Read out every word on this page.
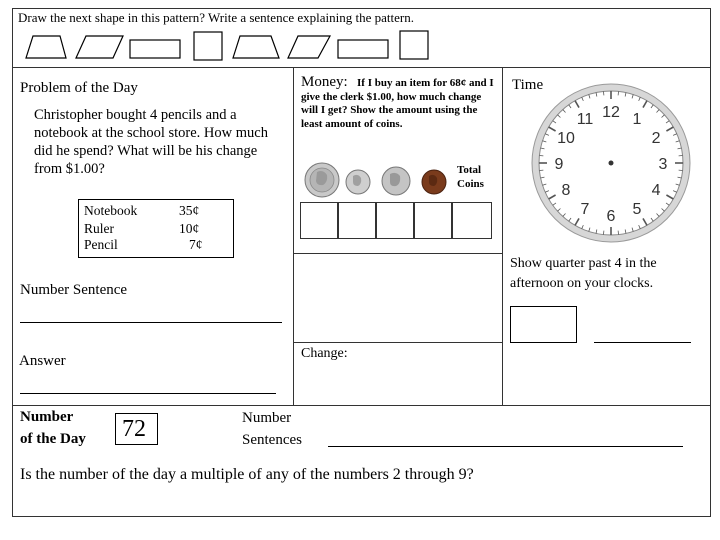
Draw the next shape in this pattern? Write a sentence explaining the pattern.
Problem of the Day
Christopher bought 4 pencils and a notebook at the school store. How much did he spend? What will be his change from $1.00?
Notebook	35¢
Ruler	10¢
Pencil	7¢
Number Sentence
Answer
Money: If I buy an item for 68¢ and I give the clerk $1.00, how much change will I get? Show the amount using the least amount of coins.
Total Coins
Change:
Time
12 1
2
3
4
5
6
7
8
9
10
11
Show quarter past 4 in the afternoon on your clocks.
Number
of the Day 72	Number
Sentences
Is the number of the day a multiple of any of the numbers 2 through 9?
